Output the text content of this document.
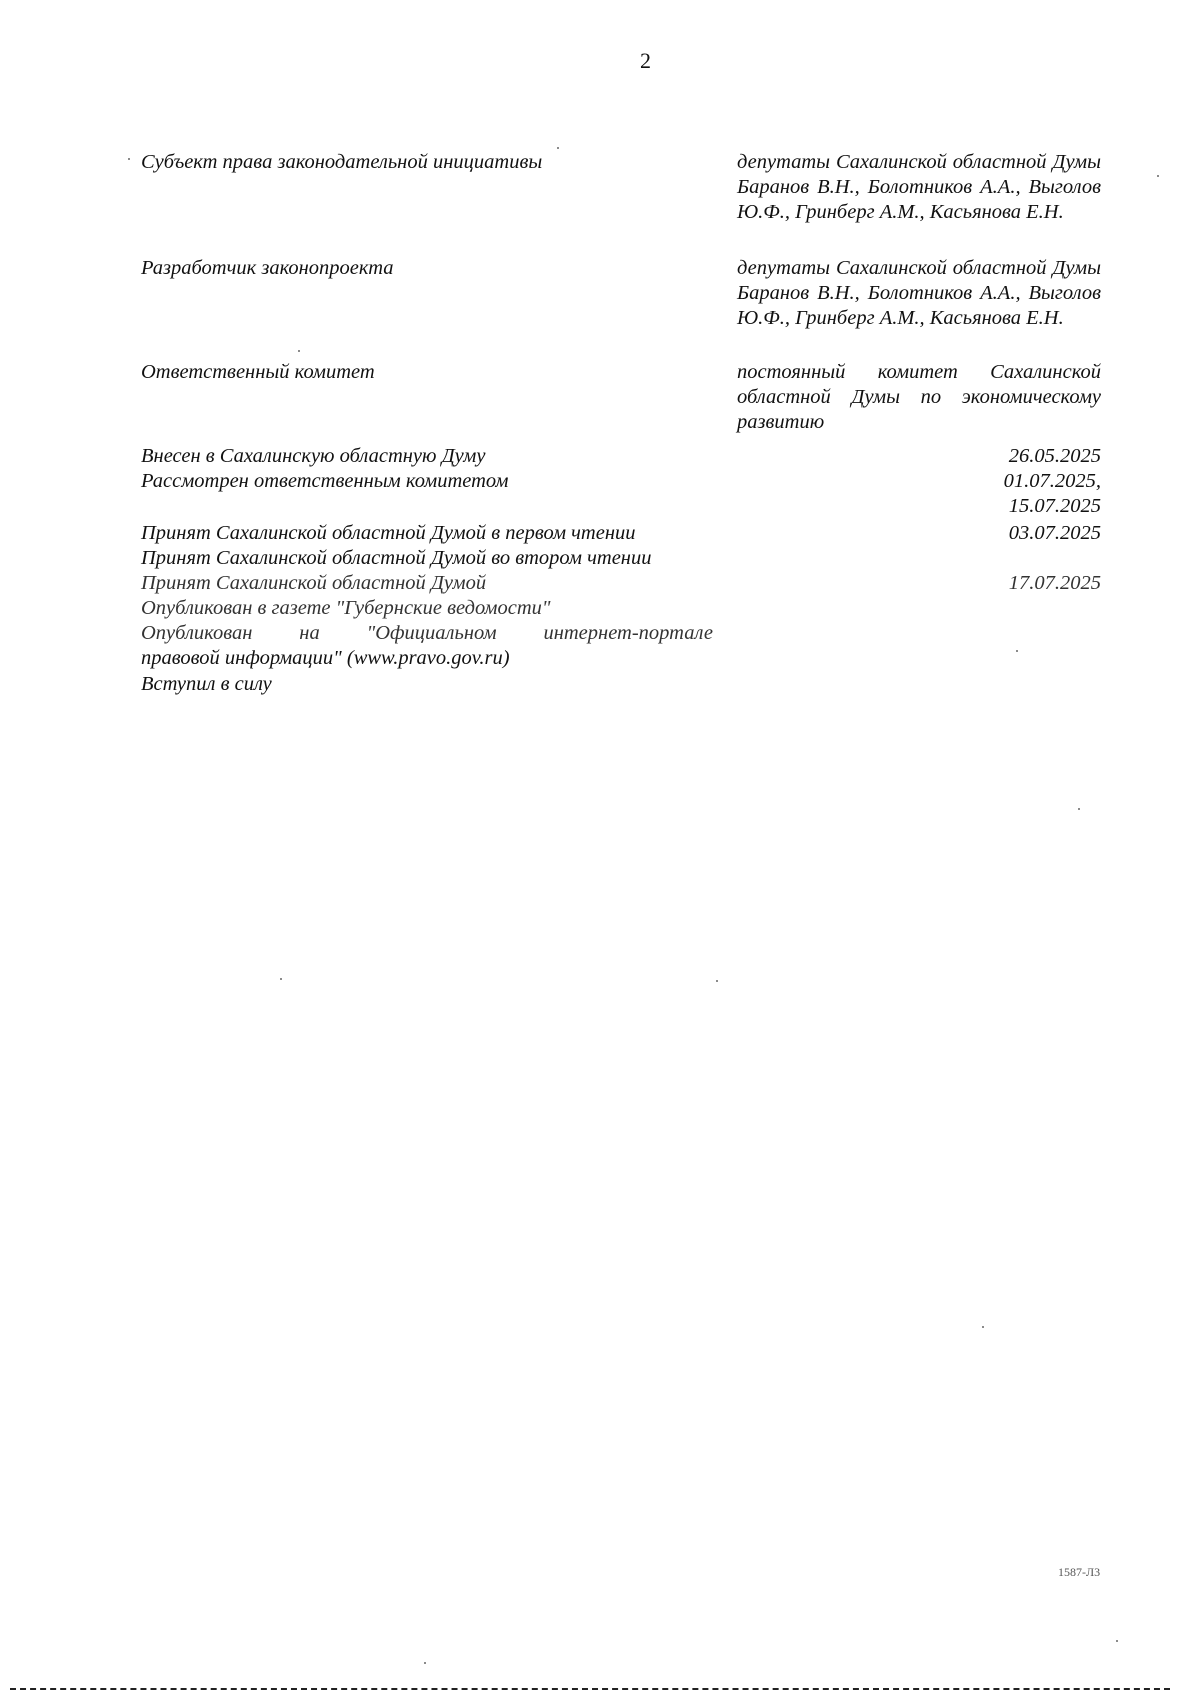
2
Субъект права законодательной инициативы	депутаты Сахалинской областной Думы Баранов В.Н., Болотников А.А., Выголов Ю.Ф., Гринберг А.М., Касьянова Е.Н.
Разработчик законопроекта	депутаты Сахалинской областной Думы Баранов В.Н., Болотников А.А., Выголов Ю.Ф., Гринберг А.М., Касьянова Е.Н.
Ответственный комитет	постоянный комитет Сахалинской областной Думы по экономическому развитию
Внесен в Сахалинскую областную Думу	26.05.2025
Рассмотрен ответственным комитетом	01.07.2025,
15.07.2025
Принят Сахалинской областной Думой в первом чтении	03.07.2025
Принят Сахалинской областной Думой во втором чтении
Принят Сахалинской областной Думой	17.07.2025
Опубликован в газете "Губернские ведомости"
Опубликован на "Официальном интернет-портале
правовой информации" (www.pravo.gov.ru)
Вступил в силу
1587-Л3
